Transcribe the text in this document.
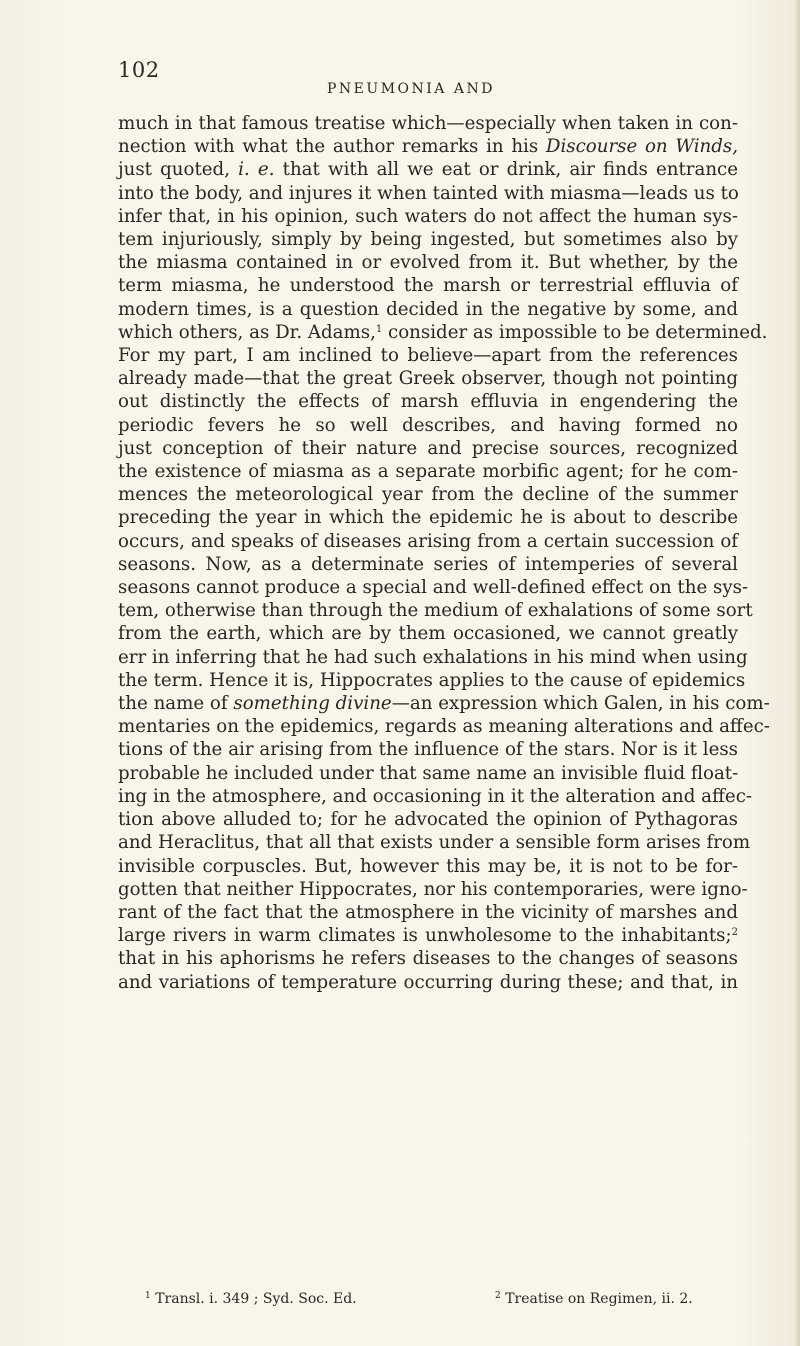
102
PNEUMONIA AND
much in that famous treatise which—especially when taken in con-
nection with what the author remarks in his Discourse on Winds,
just quoted, i. e. that with all we eat or drink, air finds entrance
into the body, and injures it when tainted with miasma—leads us to
infer that, in his opinion, such waters do not affect the human sys-
tem injuriously, simply by being ingested, but sometimes also by
the miasma contained in or evolved from it. But whether, by the
term miasma, he understood the marsh or terrestrial effluvia of
modern times, is a question decided in the negative by some, and
which others, as Dr. Adams,$^1$ consider as impossible to be determined.
For my part, I am inclined to believe—apart from the references
already made—that the great Greek observer, though not pointing
out distinctly the effects of marsh effluvia in engendering the
periodic fevers he so well describes, and having formed no
just conception of their nature and precise sources, recognized
the existence of miasma as a separate morbific agent; for he com-
mences the meteorological year from the decline of the summer
preceding the year in which the epidemic he is about to describe
occurs, and speaks of diseases arising from a certain succession of
seasons. Now, as a determinate series of intemperies of several
seasons cannot produce a special and well-defined effect on the sys-
tem, otherwise than through the medium of exhalations of some sort
from the earth, which are by them occasioned, we cannot greatly
err in inferring that he had such exhalations in his mind when using
the term. Hence it is, Hippocrates applies to the cause of epidemics
the name of something divine—an expression which Galen, in his com-
mentaries on the epidemics, regards as meaning alterations and affec-
tions of the air arising from the influence of the stars. Nor is it less
probable he included under that same name an invisible fluid float-
ing in the atmosphere, and occasioning in it the alteration and affec-
tion above alluded to; for he advocated the opinion of Pythagoras
and Heraclitus, that all that exists under a sensible form arises from
invisible corpuscles. But, however this may be, it is not to be for-
gotten that neither Hippocrates, nor his contemporaries, were igno-
rant of the fact that the atmosphere in the vicinity of marshes and
large rivers in warm climates is unwholesome to the inhabitants;$^2$
that in his aphorisms he refers diseases to the changes of seasons
and variations of temperature occurring during these; and that, in
$^1$ Transl. i. 349 ; Syd. Soc. Ed.	$^2$ Treatise on Regimen, ii. 2.
